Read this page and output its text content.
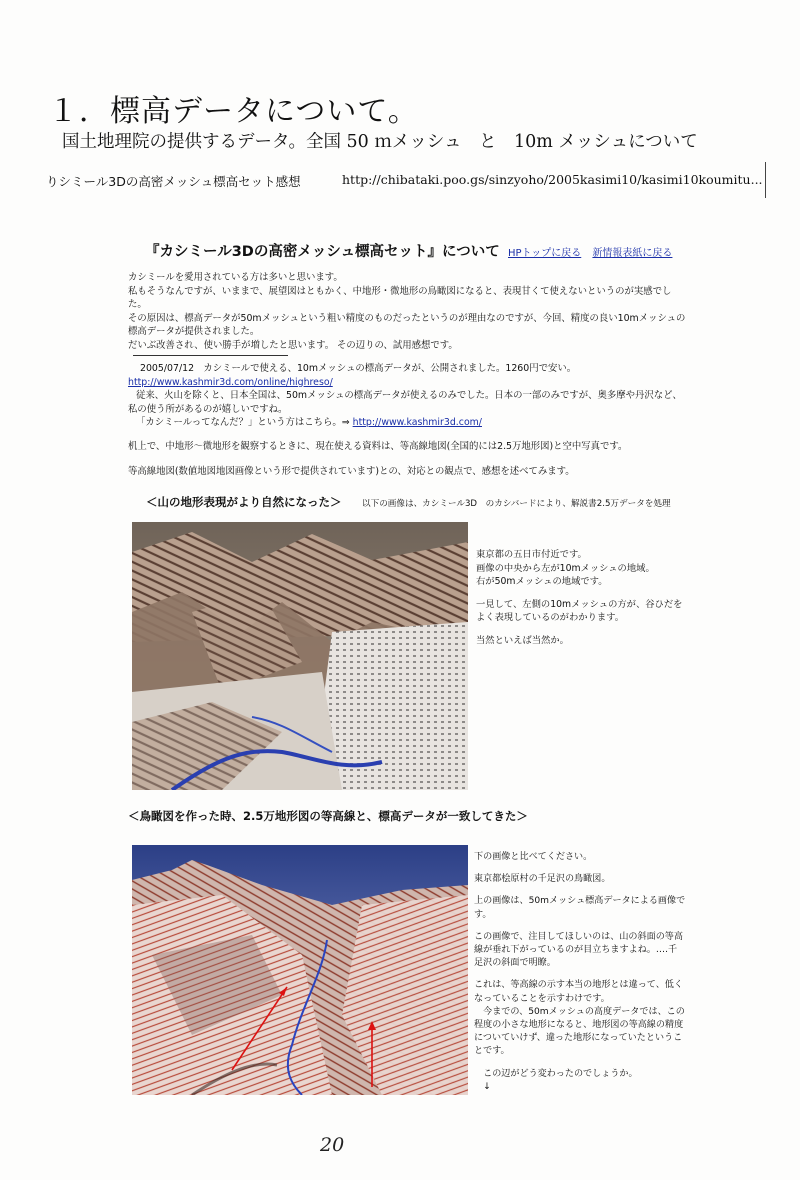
１．標高データについて。
国土地理院の提供するデータ。全国 50 ｍメッシュ　と　10m メッシュについて
りシミール3Dの高密メッシュ標高セット感想	http://chibataki.poo.gs/sinzyoho/2005kasimi10/kasimi10koumitu...
『カシミール3Dの高密メッシュ標高セット』について HPトップに戻る 新情報表紙に戻る
カシミールを愛用されている方は多いと思います。
私もそうなんですが、いままで、展望図はともかく、中地形・微地形の鳥瞰図になると、表現甘くて使えないというのが実感でした。
その原因は、標高データが50mメッシュという粗い精度のものだったというのが理由なのですが、今回、精度の良い10mメッシュの標高データが提供されました。
だいぶ改善され、使い勝手が増したと思います。 その辺りの、試用感想です。
2005/07/12　カシミールで使える、10mメッシュの標高データが、公開されました。1260円で安い。
http://www.kashmir3d.com/online/highreso/
従来、火山を除くと、日本全国は、50mメッシュの標高データが使えるのみでした。日本の一部のみですが、奥多摩や丹沢など、私の使う所があるのが嬉しいですね。
「カシミールってなんだ？」という方はこちら。⇒ http://www.kashmir3d.com/
机上で、中地形～微地形を観察するときに、現在使える資料は、等高線地図(全国的には2.5万地形図)と空中写真です。
等高線地図(数値地図地図画像という形で提供されています)との、対応との観点で、感想を述べてみます。
＜山の地形表現がより自然になった＞ 以下の画像は、カシミール3D　のカシバードにより、解説書2.5万データを処理
東京都の五日市付近です。
画像の中央から左が10mメッシュの地域。
右が50mメッシュの地域です。
一見して、左側の10mメッシュの方が、谷ひだをよく表現しているのがわかります。
当然といえば当然か。
＜鳥瞰図を作った時、2.5万地形図の等高線と、標高データが一致してきた＞
下の画像と比べてください。
東京都桧原村の千足沢の鳥瞰図。
上の画像は、50mメッシュ標高データによる画像です。
この画像で、注目してほしいのは、山の斜面の等高線が垂れ下がっているのが目立ちますよね。‥‥千足沢の斜面で明瞭。
これは、等高線の示す本当の地形とは違って、低くなっていることを示すわけです。
　今までの、50mメッシュの高度データでは、この程度の小さな地形になると、地形図の等高線の精度についていけず、違った地形になっていたということです。
　この辺がどう変わったのでしょうか。
　↓
20
